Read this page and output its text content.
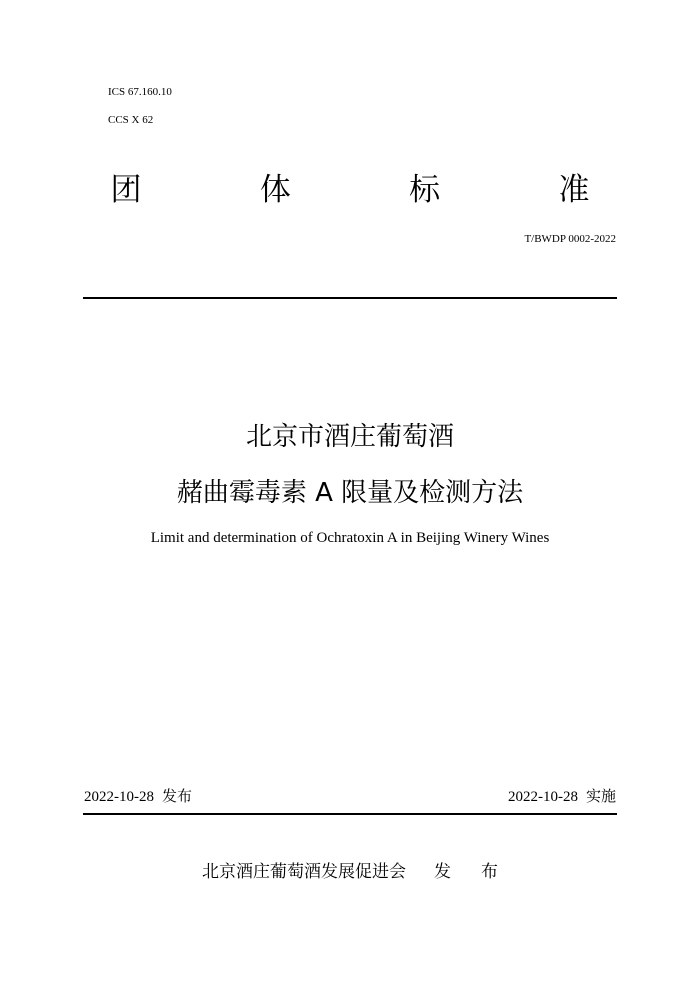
ICS 67.160.10
CCS X 62
团	体	标	准
T/BWDP 0002-2022
北京市酒庄葡萄酒
赭曲霉毒素 A 限量及检测方法
Limit and determination of Ochratoxin A in Beijing Winery Wines
2022-10-28 发布	2022-10-28 实施
北京酒庄葡萄酒发展促进会 发 布
